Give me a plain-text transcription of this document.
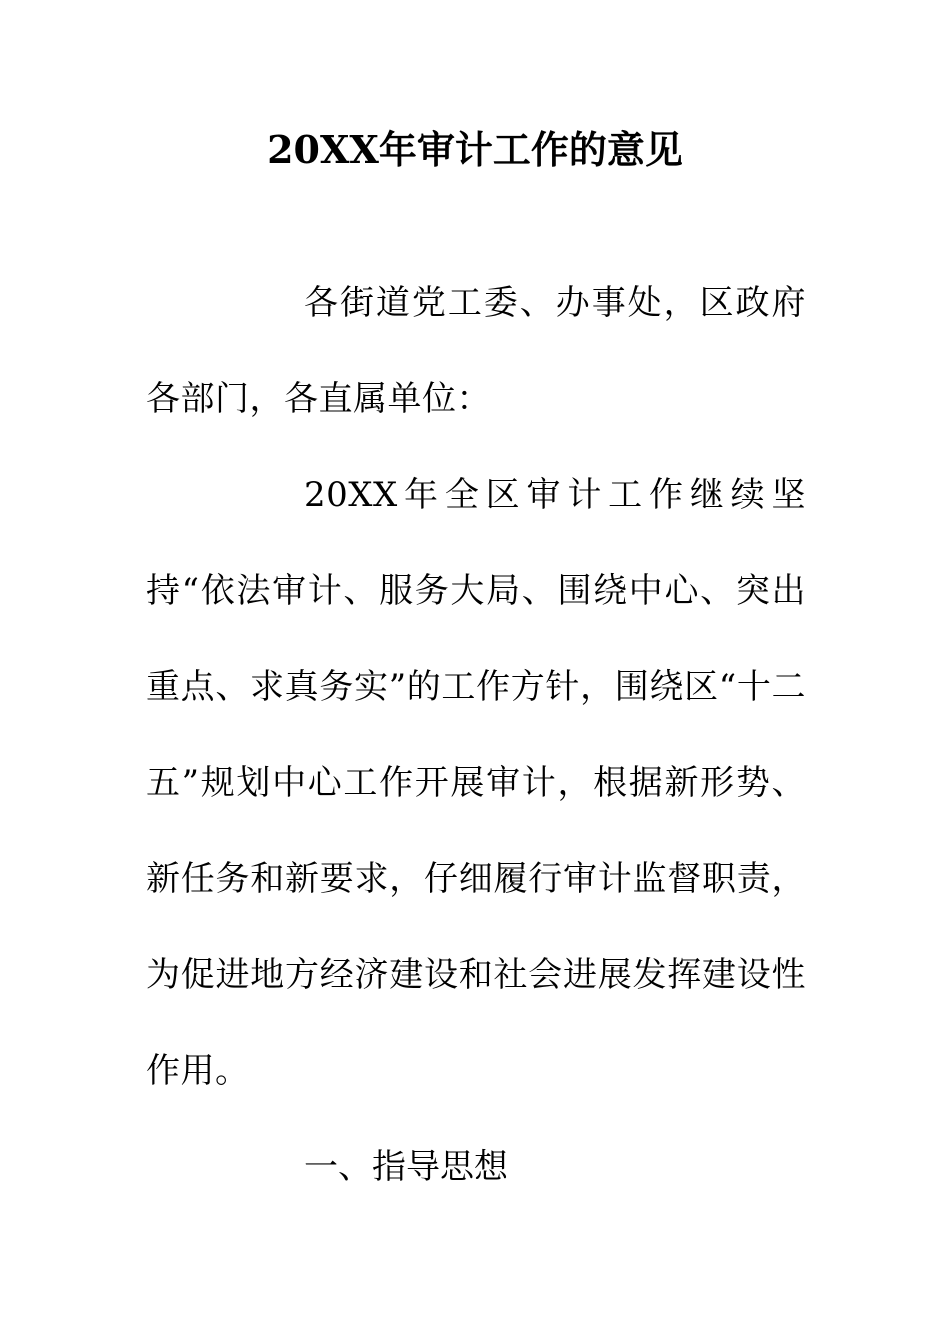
20XX年审计工作的意见

各街道党工委、办事处，区政府各部门，各直属单位：

20XX年全区审计工作继续坚持“依法审计、服务大局、围绕中心、突出重点、求真务实”的工作方针，围绕区“十二五”规划中心工作开展审计，根据新形势、新任务和新要求，仔细履行审计监督职责，为促进地方经济建设和社会进展发挥建设性作用。

一、指导思想
